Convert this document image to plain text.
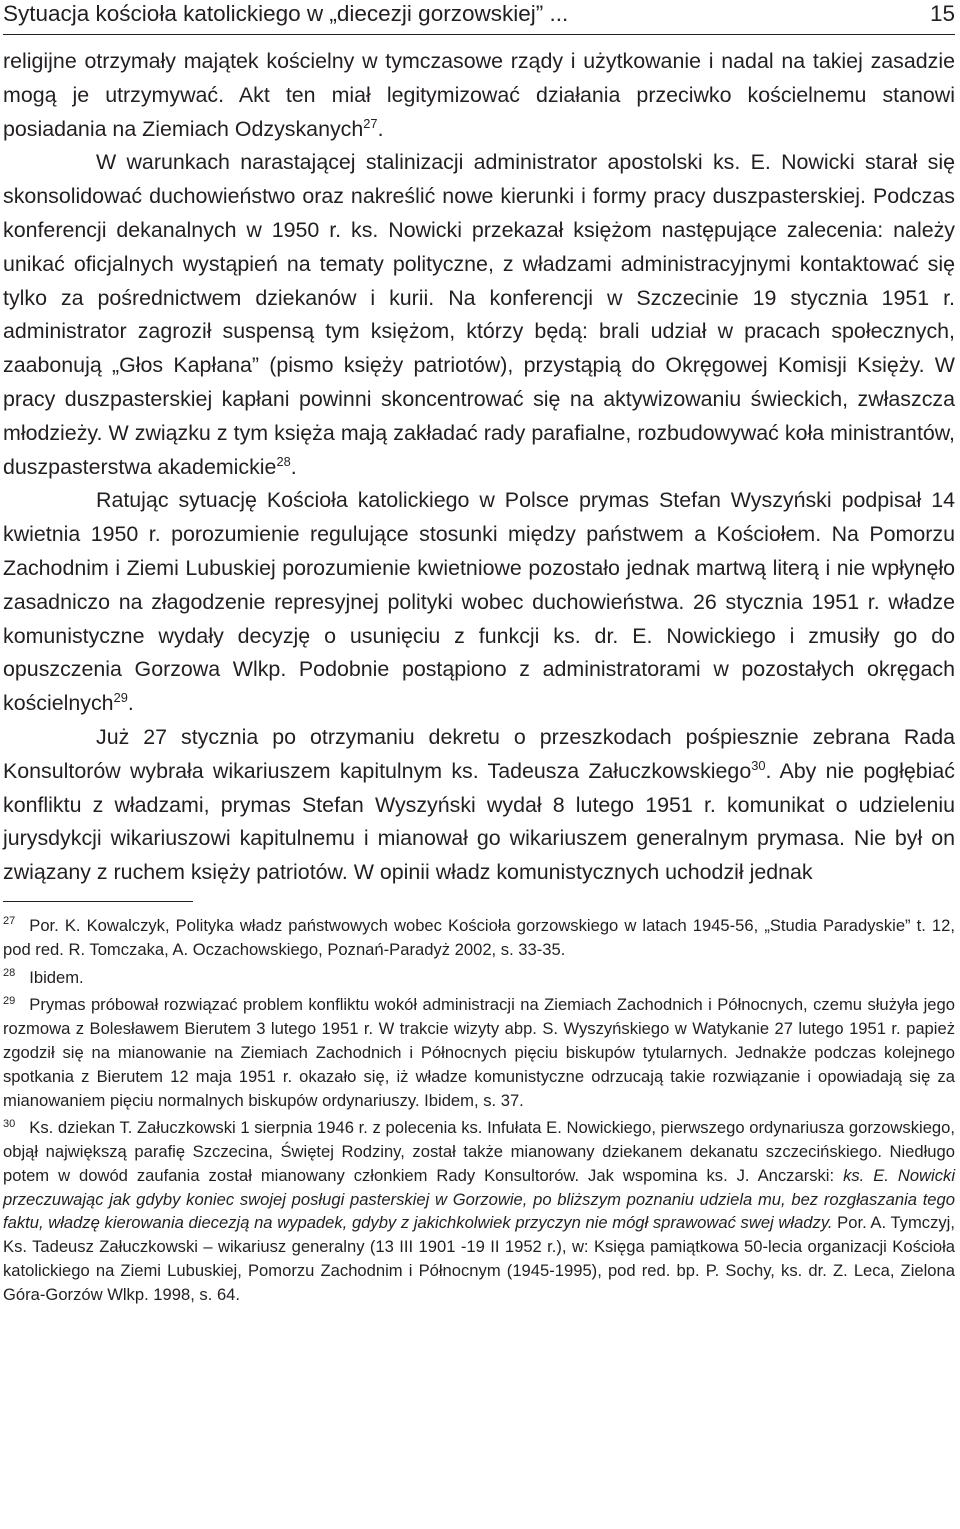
Sytuacja kościoła katolickiego w „diecezji gorzowskiej” ...	15

religijne otrzymały majątek kościelny w tymczasowe rządy i użytkowanie i nadal na takiej zasadzie mogą je utrzymywać. Akt ten miał legitymizować działania przeciwko kościelnemu stanowi posiadania na Ziemiach Odzyskanych$^{27}$.

W warunkach narastającej stalinizacji administrator apostolski ks. E. Nowicki starał się skonsolidować duchowieństwo oraz nakreślić nowe kierunki i formy pracy duszpasterskiej. Podczas konferencji dekanalnych w 1950 r. ks. Nowicki przekazał księżom następujące zalecenia: należy unikać oficjalnych wystąpień na tematy polityczne, z władzami administracyjnymi kontaktować się tylko za pośrednictwem dziekanów i kurii. Na konferencji w Szczecinie 19 stycznia 1951 r. administrator zagroził suspensą tym księżom, którzy będą: brali udział w pracach społecznych, zaabonują „Głos Kapłana” (pismo księży patriotów), przystąpią do Okręgowej Komisji Księży. W pracy duszpasterskiej kapłani powinni skoncentrować się na aktywizowaniu świeckich, zwłaszcza młodzieży. W związku z tym księża mają zakładać rady parafialne, rozbudowywać koła ministrantów, duszpasterstwa akademickie$^{28}$.

Ratując sytuację Kościoła katolickiego w Polsce prymas Stefan Wyszyński podpisał 14 kwietnia 1950 r. porozumienie regulujące stosunki między państwem a Kościołem. Na Pomorzu Zachodnim i Ziemi Lubuskiej porozumienie kwietniowe pozostało jednak martwą literą i nie wpłynęło zasadniczo na złagodzenie represyjnej polityki wobec duchowieństwa. 26 stycznia 1951 r. władze komunistyczne wydały decyzję o usunięciu z funkcji ks. dr. E. Nowickiego i zmusiły go do opuszczenia Gorzowa Wlkp. Podobnie postąpiono z administratorami w pozostałych okręgach kościelnych$^{29}$.

Już 27 stycznia po otrzymaniu dekretu o przeszkodach pośpiesznie zebrana Rada Konsultorów wybrała wikariuszem kapitulnym ks. Tadeusza Załuczkowskiego$^{30}$. Aby nie pogłębiać konfliktu z władzami, prymas Stefan Wyszyński wydał 8 lutego 1951 r. komunikat o udzieleniu jurysdykcji wikariuszowi kapitulnemu i mianował go wikariuszem generalnym prymasa. Nie był on związany z ruchem księży patriotów. W opinii władz komunistycznych uchodził jednak

$^{27}$ Por. K. Kowalczyk, Polityka władz państwowych wobec Kościoła gorzowskiego w latach 1945-56, „Studia Paradyskie” t. 12, pod red. R. Tomczaka, A. Oczachowskiego, Poznań-Paradyż 2002, s. 33-35.

$^{28}$ Ibidem.

$^{29}$ Prymas próbował rozwiązać problem konfliktu wokół administracji na Ziemiach Zachodnich i Północnych, czemu służyła jego rozmowa z Bolesławem Bierutem 3 lutego 1951 r. W trakcie wizyty abp. S. Wyszyńskiego w Watykanie 27 lutego 1951 r. papież zgodził się na mianowanie na Ziemiach Zachodnich i Północnych pięciu biskupów tytularnych. Jednakże podczas kolejnego spotkania z Bierutem 12 maja 1951 r. okazało się, iż władze komunistyczne odrzucają takie rozwiązanie i opowiadają się za mianowaniem pięciu normalnych biskupów ordynariuszy. Ibidem, s. 37.

$^{30}$ Ks. dziekan T. Załuczkowski 1 sierpnia 1946 r. z polecenia ks. Infułata E. Nowickiego, pierwszego ordynariusza gorzowskiego, objął największą parafię Szczecina, Świętej Rodziny, został także mianowany dziekanem dekanatu szczecińskiego. Niedługo potem w dowód zaufania został mianowany członkiem Rady Konsultorów. Jak wspomina ks. J. Anczarski: ks. E. Nowicki przeczuwając jak gdyby koniec swojej posługi pasterskiej w Gorzowie, po bliższym poznaniu udziela mu, bez rozgłaszania tego faktu, władzę kierowania diecezją na wypadek, gdyby z jakichkolwiek przyczyn nie mógł sprawować swej władzy. Por. A. Tymczyj, Ks. Tadeusz Załuczkowski – wikariusz generalny (13 III 1901 -19 II 1952 r.), w: Księga pamiątkowa 50-lecia organizacji Kościoła katolickiego na Ziemi Lubuskiej, Pomorzu Zachodnim i Północnym (1945-1995), pod red. bp. P. Sochy, ks. dr. Z. Leca, Zielona Góra-Gorzów Wlkp. 1998, s. 64.
